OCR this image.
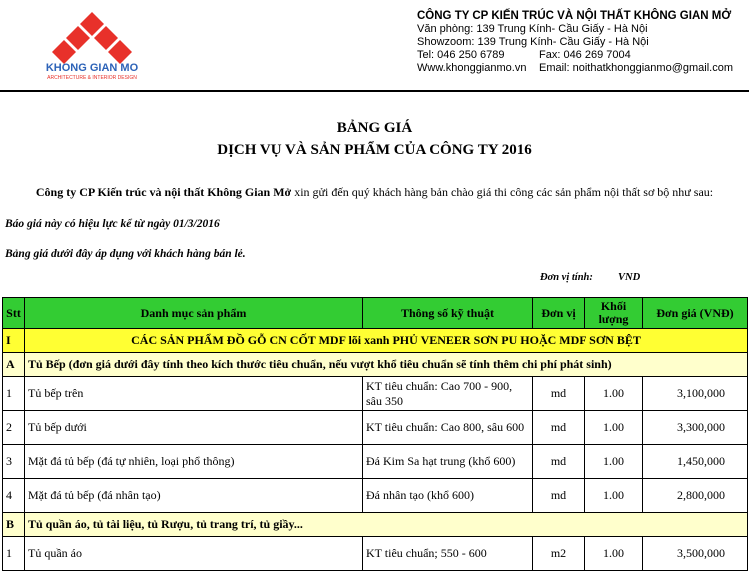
KHONG GIAN MO
ARCHITECTURE & INTERIOR DESIGN
CÔNG TY CP KIẾN TRÚC VÀ NỘI THẤT KHÔNG GIAN MỞ
Văn phòng: 139 Trung Kính- Cầu Giấy - Hà Nội
Showzoom: 139 Trung Kính- Cầu Giấy - Hà Nội
Tel: 046 250 6789	Fax: 046 269 7004
Www.khonggianmo.vn	Email: noithatkhonggianmo@gmail.com
BẢNG GIÁ
DỊCH VỤ VÀ SẢN PHẨM CỦA CÔNG TY 2016
Công ty CP Kiến trúc và nội thất Không Gian Mở xin gửi đến quý khách hàng bản chào giá thi công các sản phẩm nội thất sơ bộ như sau:
Báo giá này có hiệu lực kể từ ngày 01/3/2016
Bảng giá dưới đây áp dụng với khách hàng bán lẻ.
Đơn vị tính: VND
Stt	Danh mục sản phẩm	Thông số kỹ thuật	Đơn vị	Khối lượng	Đơn giá (VNĐ)
I	CÁC SẢN PHẨM ĐỒ GỖ CN CỐT MDF lõi xanh PHỦ VENEER SƠN PU HOẶC MDF SƠN BỆT				
A	Tủ Bếp (đơn giá dưới đây tính theo kích thước tiêu chuẩn, nếu vượt khổ tiêu chuẩn sẽ tính thêm chi phí phát sinh)				
1	Tủ bếp trên	KT tiêu chuẩn: Cao 700 - 900, sâu 350	md	1.00	3,100,000
2	Tủ bếp dưới	KT tiêu chuẩn: Cao 800, sâu 600	md	1.00	3,300,000
3	Mặt đá tủ bếp (đá tự nhiên, loại phổ thông)	Đá Kim Sa hạt trung (khổ 600)	md	1.00	1,450,000
4	Mặt đá tủ bếp (đá nhân tạo)	Đá nhân tạo (khổ 600)	md	1.00	2,800,000
B	Tủ quần áo, tủ tài liệu, tủ Rượu, tủ trang trí, tủ giầy...				
1	Tủ quần áo	KT tiêu chuẩn; 550 - 600	m2	1.00	3,500,000
